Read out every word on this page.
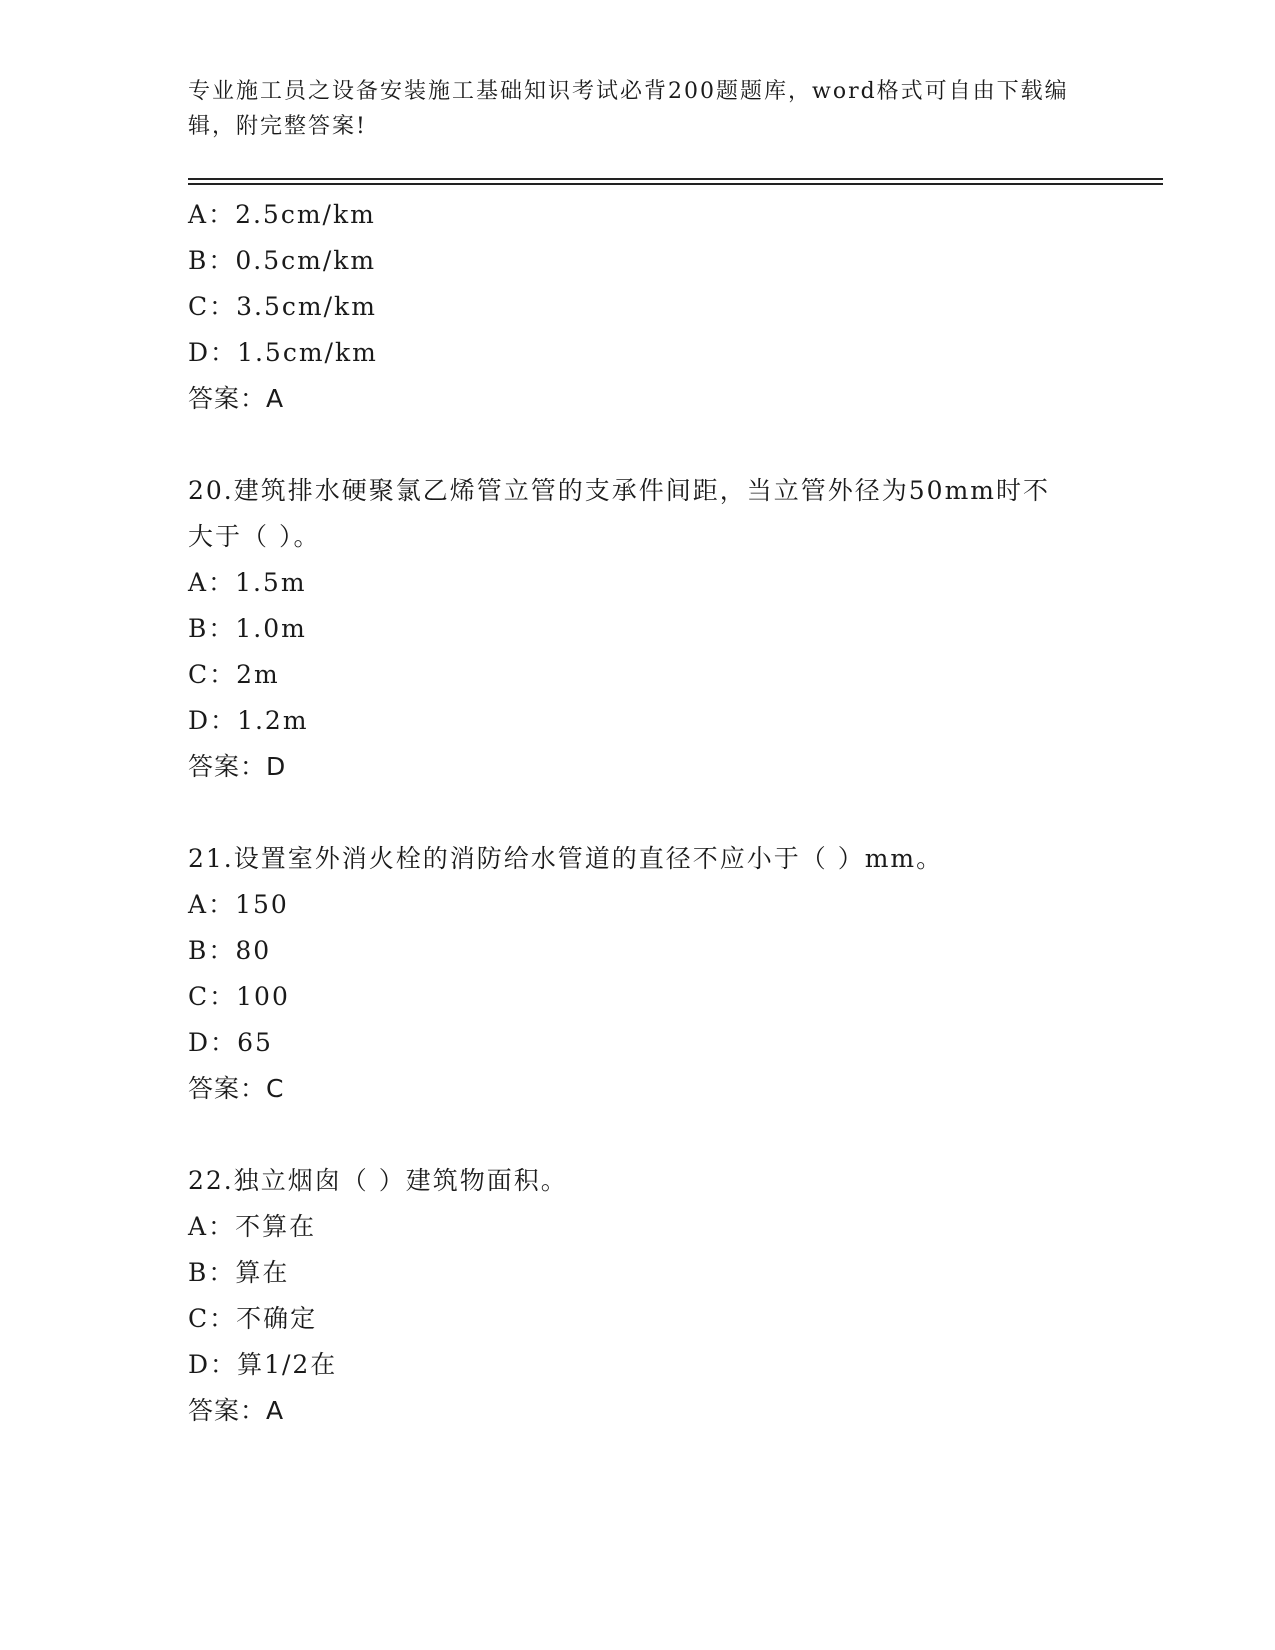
专业施工员之设备安装施工基础知识考试必背200题题库，word格式可自由下载编辑，附完整答案!
A：2.5cm/km
B：0.5cm/km
C：3.5cm/km
D：1.5cm/km
答案：A
20.建筑排水硬聚氯乙烯管立管的支承件间距，当立管外径为50mm时不大于（ ）。
A：1.5m
B：1.0m
C：2m
D：1.2m
答案：D
21.设置室外消火栓的消防给水管道的直径不应小于（ ）mm。
A：150
B：80
C：100
D：65
答案：C
22.独立烟囱（ ）建筑物面积。
A：不算在
B：算在
C：不确定
D：算1/2在
答案：A
